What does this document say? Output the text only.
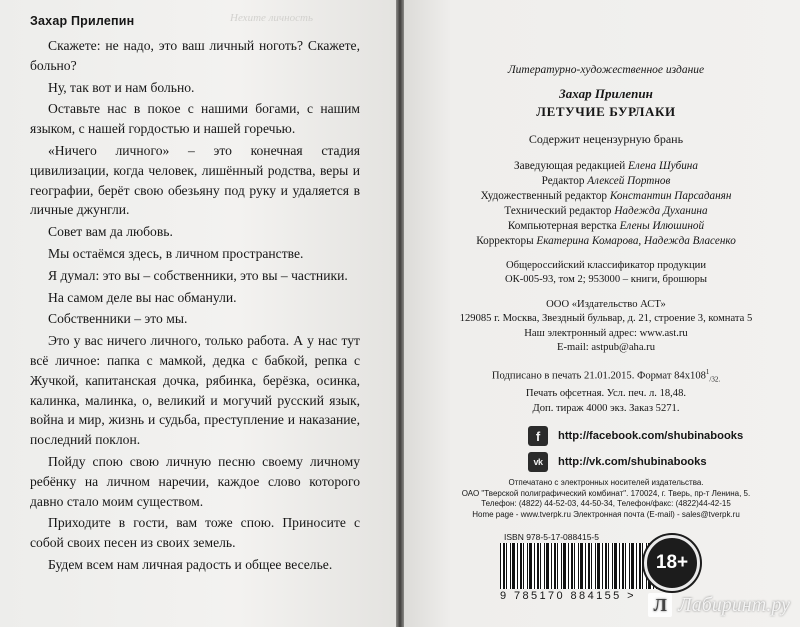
Захар Прилепин	Нехите личность

Скажете: не надо, это ваш личный ноготь? Скажете, больно?

Ну, так вот и нам больно.

Оставьте нас в покое с нашими богами, с нашим языком, с нашей гордостью и нашей горечью.

«Ничего личного» – это конечная стадия цивилизации, когда человек, лишённый родства, веры и географии, берёт свою обезьяну под руку и удаляется в личные джунгли.

Совет вам да любовь.

Мы остаёмся здесь, в личном пространстве.

Я думал: это вы – собственники, это вы – частники.

На самом деле вы нас обманули.

Собственники – это мы.

Это у вас ничего личного, только работа. А у нас тут всё личное: папка с мамкой, дедка с бабкой, репка с Жучкой, капитанская дочка, рябинка, берёзка, осинка, калинка, малинка, о, великий и могучий русский язык, война и мир, жизнь и судьба, преступление и наказание, последний поклон.

Пойду спою свою личную песню своему личному ребёнку на личном наречии, каждое слово которого давно стало моим существом.

Приходите в гости, вам тоже спою. Приносите с собой своих песен из своих земель.

Будем всем нам личная радость и общее веселье.

Литературно-художественное издание
Захар Прилепин
ЛЕТУЧИЕ БУРЛАКИ
Содержит нецензурную брань
Заведующая редакцией Елена Шубина
Редактор Алексей Портнов
Художественный редактор Константин Парсаданян
Технический редактор Надежда Духанина
Компьютерная верстка Елены Илюшиной
Корректоры Екатерина Комарова, Надежда Власенко
Общероссийский классификатор продукции
ОК-005-93, том 2; 953000 – книги, брошюры
ООО «Издательство АСТ»
129085 г. Москва, Звездный бульвар, д. 21, строение 3, комната 5
Наш электронный адрес: www.ast.ru
E-mail: astpub@aha.ru
Подписано в печать 21.01.2015. Формат $84x108^1_{/32.}$
Печать офсетная. Усл. печ. л. 18,48.
Доп. тираж 4000 экз. Заказ 5271.
f	http://facebook.com/shubinabooks
vk	http://vk.com/shubinabooks
Отпечатано с электронных носителей издательства.
ОАО "Тверской полиграфический комбинат". 170024, г. Тверь, пр-т Ленина, 5.
Телефон: (4822) 44-52-03, 44-50-34, Телефон/факс: (4822)44-42-15
Home page - www.tverpk.ru Электронная почта (E-mail) - sales@tverpk.ru
ISBN 978-5-17-088415-5
9 785170 884155 >
18+
Л Лабиринт.ру
